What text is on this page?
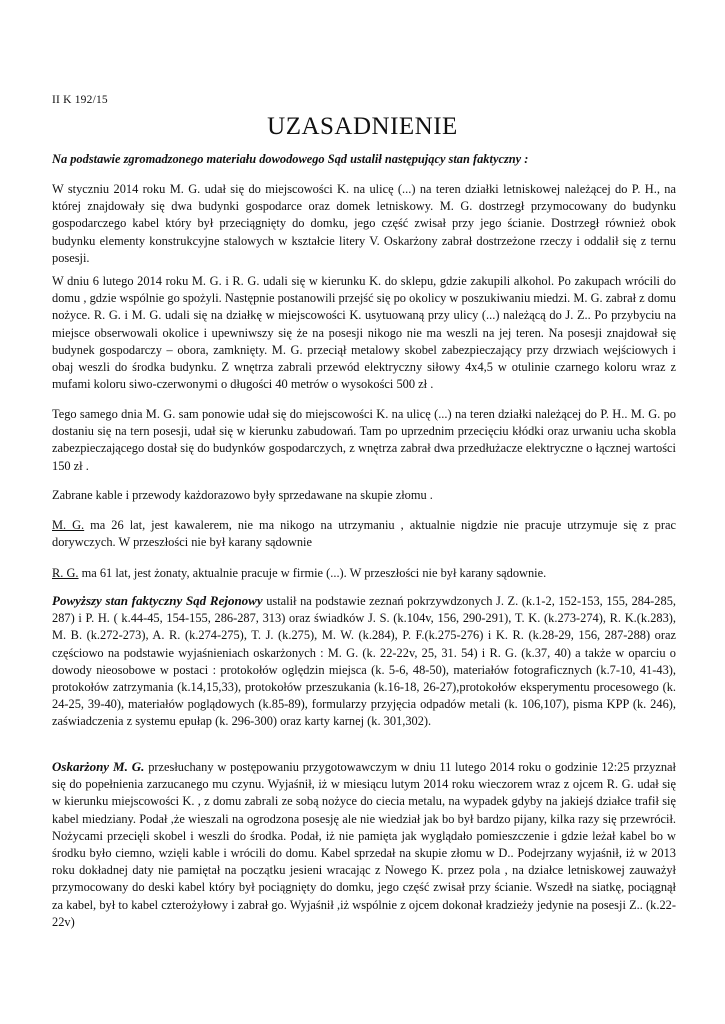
II K 192/15
UZASADNIENIE
Na podstawie zgromadzonego materiału dowodowego Sąd ustalił następujący stan faktyczny :

W styczniu 2014 roku M. G. udał się do miejscowości K. na ulicę (...) na teren działki letniskowej należącej do P. H., na której znajdowały się dwa budynki gospodarce oraz domek letniskowy. M. G. dostrzegł przymocowany do budynku gospodarczego kabel który był przeciągnięty do domku, jego część zwisał przy jego ścianie. Dostrzegł również obok budynku elementy konstrukcyjne stalowych w kształcie litery V. Oskarżony zabrał dostrzeżone rzeczy i oddalił się z ternu posesji.

W dniu 6 lutego 2014 roku M. G. i R. G. udali się w kierunku K. do sklepu, gdzie zakupili alkohol. Po zakupach wrócili do domu , gdzie wspólnie go spożyli. Następnie postanowili przejść się po okolicy w poszukiwaniu miedzi. M. G. zabrał z domu nożyce. R. G. i M. G. udali się na działkę w miejscowości K. usytuowaną przy ulicy (...) należącą do J. Z.. Po przybyciu na miejsce obserwowali okolice i upewniwszy się że na posesji nikogo nie ma weszli na jej teren. Na posesji znajdował się budynek gospodarczy – obora, zamknięty. M. G. przeciął metalowy skobel zabezpieczający przy drzwiach wejściowych i obaj weszli do środka budynku. Z wnętrza zabrali przewód elektryczny siłowy 4x4,5 w otulinie czarnego koloru wraz z mufami koloru siwo-czerwonymi o długości 40 metrów o wysokości 500 zł .

Tego samego dnia M. G. sam ponowie udał się do miejscowości K. na ulicę (...) na teren działki należącej do P. H.. M. G. po dostaniu się na tern posesji, udał się w kierunku zabudowań. Tam po uprzednim przecięciu kłódki oraz urwaniu ucha skobla zabezpieczającego dostał się do budynków gospodarczych, z wnętrza zabrał dwa przedłużacze elektryczne o łącznej wartości 150 zł .

Zabrane kable i przewody każdorazowo były sprzedawane na skupie złomu .

M. G. ma 26 lat, jest kawalerem, nie ma nikogo na utrzymaniu , aktualnie nigdzie nie pracuje utrzymuje się z prac dorywczych. W przeszłości nie był karany sądownie

R. G. ma 61 lat, jest żonaty, aktualnie pracuje w firmie (...). W przeszłości nie był karany sądownie.

Powyższy stan faktyczny Sąd Rejonowy ustalił na podstawie zeznań pokrzywdzonych J. Z. (k.1-2, 152-153, 155, 284-285, 287) i P. H. ( k.44-45, 154-155, 286-287, 313) oraz świadków J. S. (k.104v, 156, 290-291), T. K. (k.273-274), R. K.(k.283), M. B. (k.272-273), A. R. (k.274-275), T. J. (k.275), M. W. (k.284), P. F.(k.275-276) i K. R. (k.28-29, 156, 287-288) oraz częściowo na podstawie wyjaśnieniach oskarżonych : M. G. (k. 22-22v, 25, 31. 54) i R. G. (k.37, 40) a także w oparciu o dowody nieosobowe w postaci : protokołów oględzin miejsca (k. 5-6, 48-50), materiałów fotograficznych (k.7-10, 41-43), protokołów zatrzymania (k.14,15,33), protokołów przeszukania (k.16-18, 26-27),protokołów eksperymentu procesowego (k. 24-25, 39-40), materiałów poglądowych (k.85-89), formularzy przyjęcia odpadów metali (k. 106,107), pisma KPP (k. 246), zaświadczenia z systemu epułap (k. 296-300) oraz karty karnej (k. 301,302).

Oskarżony M. G. przesłuchany w postępowaniu przygotowawczym w dniu 11 lutego 2014 roku o godzinie 12:25 przyznał się do popełnienia zarzucanego mu czynu. Wyjaśnił, iż w miesiącu lutym 2014 roku wieczorem wraz z ojcem R. G. udał się w kierunku miejscowości K. , z domu zabrali ze sobą nożyce do ciecia metalu, na wypadek gdyby na jakiejś działce trafił się kabel miedziany. Podał ,że wieszali na ogrodzona posesję ale nie wiedział jak bo był bardzo pijany, kilka razy się przewrócił. Nożycami przecięli skobel i weszli do środka. Podał, iż nie pamięta jak wyglądało pomieszczenie i gdzie leżał kabel bo w środku było ciemno, wzięli kable i wrócili do domu. Kabel sprzedał na skupie złomu w D.. Podejrzany wyjaśnił, iż w 2013 roku dokładnej daty nie pamiętał na początku jesieni wracając z Nowego K. przez pola , na działce letniskowej zauważył przymocowany do deski kabel który był pociągnięty do domku, jego część zwisał przy ścianie. Wszedł na siatkę, pociągnął za kabel, był to kabel czterożyłowy i zabrał go. Wyjaśnił ,iż wspólnie z ojcem dokonał kradzieży jedynie na posesji Z.. (k.22-22v)
